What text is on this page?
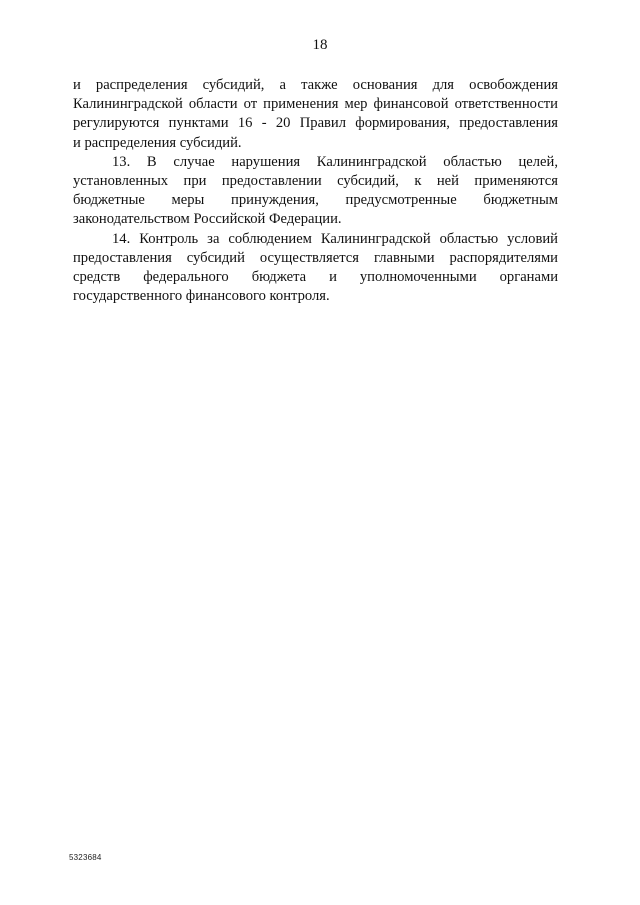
18

и распределения субсидий, а также основания для освобождения
Калининградской области от применения мер финансовой ответственности
регулируются пунктами 16 - 20 Правил формирования, предоставления
и распределения субсидий.

13. В случае нарушения Калининградской областью целей,
установленных при предоставлении субсидий, к ней применяются
бюджетные меры принуждения, предусмотренные бюджетным
законодательством Российской Федерации.

14. Контроль за соблюдением Калининградской областью условий
предоставления субсидий осуществляется главными распорядителями
средств федерального бюджета и уполномоченными органами
государственного финансового контроля.

5323684
